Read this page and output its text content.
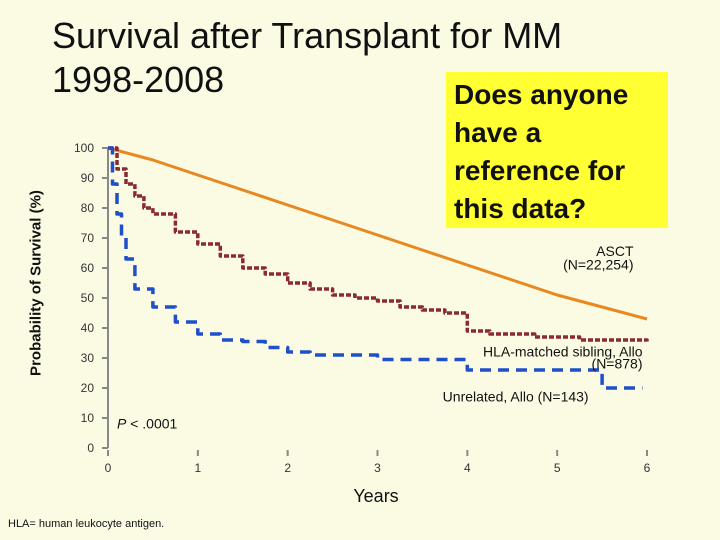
Survival after Transplant for MM
1998-2008	Does anyone
have a
reference for
this data?
Probability of Survival (%)
Years
HLA= human leukocyte antigen.
0
10
20
30
40
50
60
70
80
90
100
0	1	2	3	4	5	6
ASCT
(N=22,254)
HLA-matched sibling, Allo
(N=878)
Unrelated, Allo (N=143)
P < .0001
